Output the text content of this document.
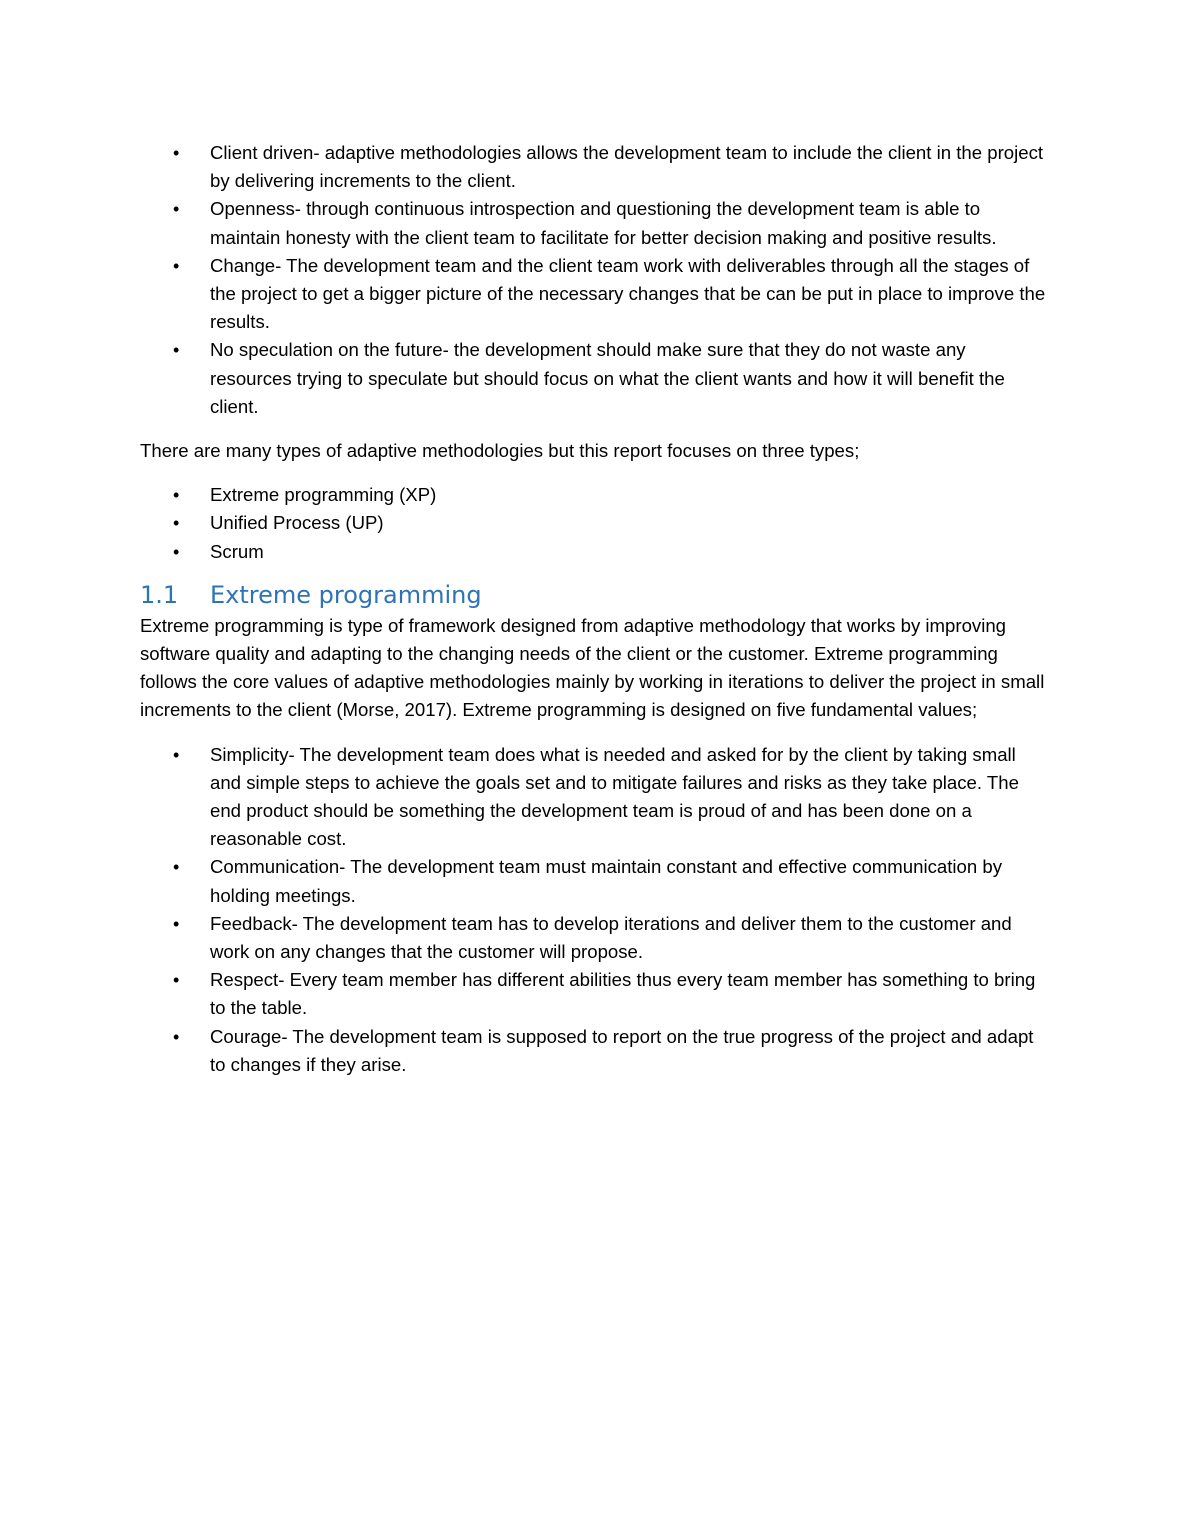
• Client driven- adaptive methodologies allows the development team to include the client in the project by delivering increments to the client.
• Openness- through continuous introspection and questioning the development team is able to maintain honesty with the client team to facilitate for better decision making and positive results.
• Change- The development team and the client team work with deliverables through all the stages of the project to get a bigger picture of the necessary changes that be can be put in place to improve the results.
• No speculation on the future- the development should make sure that they do not waste any resources trying to speculate but should focus on what the client wants and how it will benefit the client.

There are many types of adaptive methodologies but this report focuses on three types;

• Extreme programming (XP)
• Unified Process (UP)
• Scrum
1.1 Extreme programming

Extreme programming is type of framework designed from adaptive methodology that works by improving software quality and adapting to the changing needs of the client or the customer. Extreme programming follows the core values of adaptive methodologies mainly by working in iterations to deliver the project in small increments to the client (Morse, 2017). Extreme programming is designed on five fundamental values;

• Simplicity- The development team does what is needed and asked for by the client by taking small and simple steps to achieve the goals set and to mitigate failures and risks as they take place. The end product should be something the development team is proud of and has been done on a reasonable cost.
• Communication- The development team must maintain constant and effective communication by holding meetings.
• Feedback- The development team has to develop iterations and deliver them to the customer and work on any changes that the customer will propose.
• Respect- Every team member has different abilities thus every team member has something to bring to the table.
• Courage- The development team is supposed to report on the true progress of the project and adapt to changes if they arise.
